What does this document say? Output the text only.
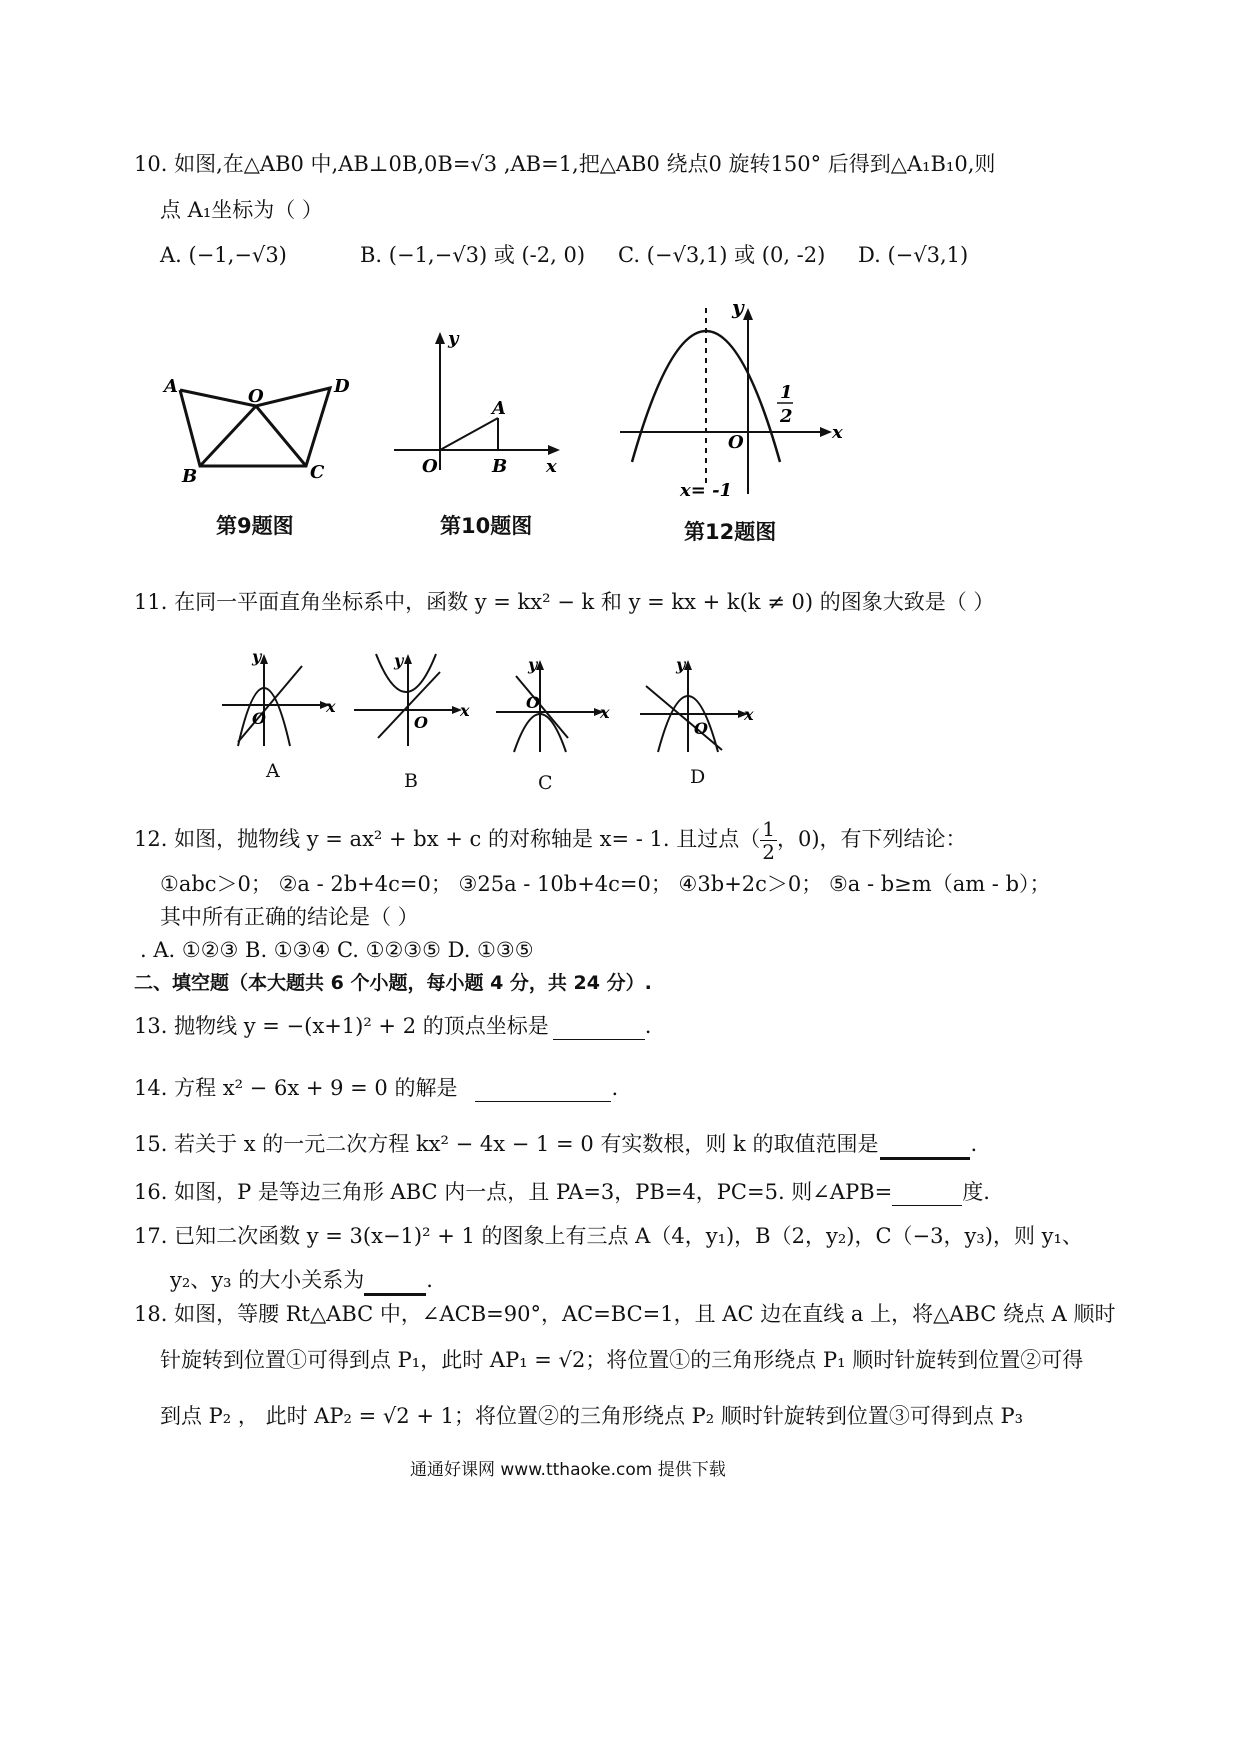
10. 如图,在△AB0 中,AB⊥0B,0B=√3 ,AB=1,把△AB0 绕点0 旋转150° 后得到△A₁B₁0,则
点 A₁坐标为（ ）
A. (−1,−√3)	B. (−1,−√3) 或 (-2, 0) C. (−√3,1) 或 (0, -2) D. (−√3,1)
A	O	D
B	C
第9题图
y
A
O	B x
第10题图
y
1
2
O	x
x= -1
第12题图
11. 在同一平面直角坐标系中，函数 y = kx² − k 和 y = kx + k(k ≠ 0) 的图象大致是（ ）
y
O
x
A
y
O
x
B
y
O
x
C
y
O
x
D
12. 如图，抛物线 y = ax² + bx + c 的对称轴是 x= - 1. 且过点（ $\frac{1}{2}$ ，0)，有下列结论：
①abc＞0； ②a - 2b+4c=0； ③25a - 10b+4c=0； ④3b+2c＞0； ⑤a - b≥m（am - b）；
其中所有正确的结论是（ ）
. A. ①②③ B. ①③④ C. ①②③⑤ D. ①③⑤
二、填空题（本大题共 6 个小题，每小题 4 分，共 24 分）.
13. 抛物线 y = −(x+1)² + 2 的顶点坐标是	.
14. 方程 x² − 6x + 9 = 0 的解是	.
15. 若关于 x 的一元二次方程 kx² − 4x − 1 = 0 有实数根，则 k 的取值范围是	.
16. 如图，P 是等边三角形 ABC 内一点，且 PA=3，PB=4，PC=5. 则∠APB=	度.
17. 已知二次函数 y = 3(x−1)² + 1 的图象上有三点 A（4，y₁)，B（2，y₂)，C（−3，y₃)，则 y₁、
y₂、y₃ 的大小关系为	.
18. 如图，等腰 Rt△ABC 中，∠ACB=90°，AC=BC=1，且 AC 边在直线 a 上，将△ABC 绕点 A 顺时
针旋转到位置①可得到点 P₁，此时 AP₁ = √2；将位置①的三角形绕点 P₁ 顺时针旋转到位置②可得
到点 P₂ ， 此时 AP₂ = √2 + 1；将位置②的三角形绕点 P₂ 顺时针旋转到位置③可得到点 P₃
通通好课网 www.tthaoke.com 提供下载
